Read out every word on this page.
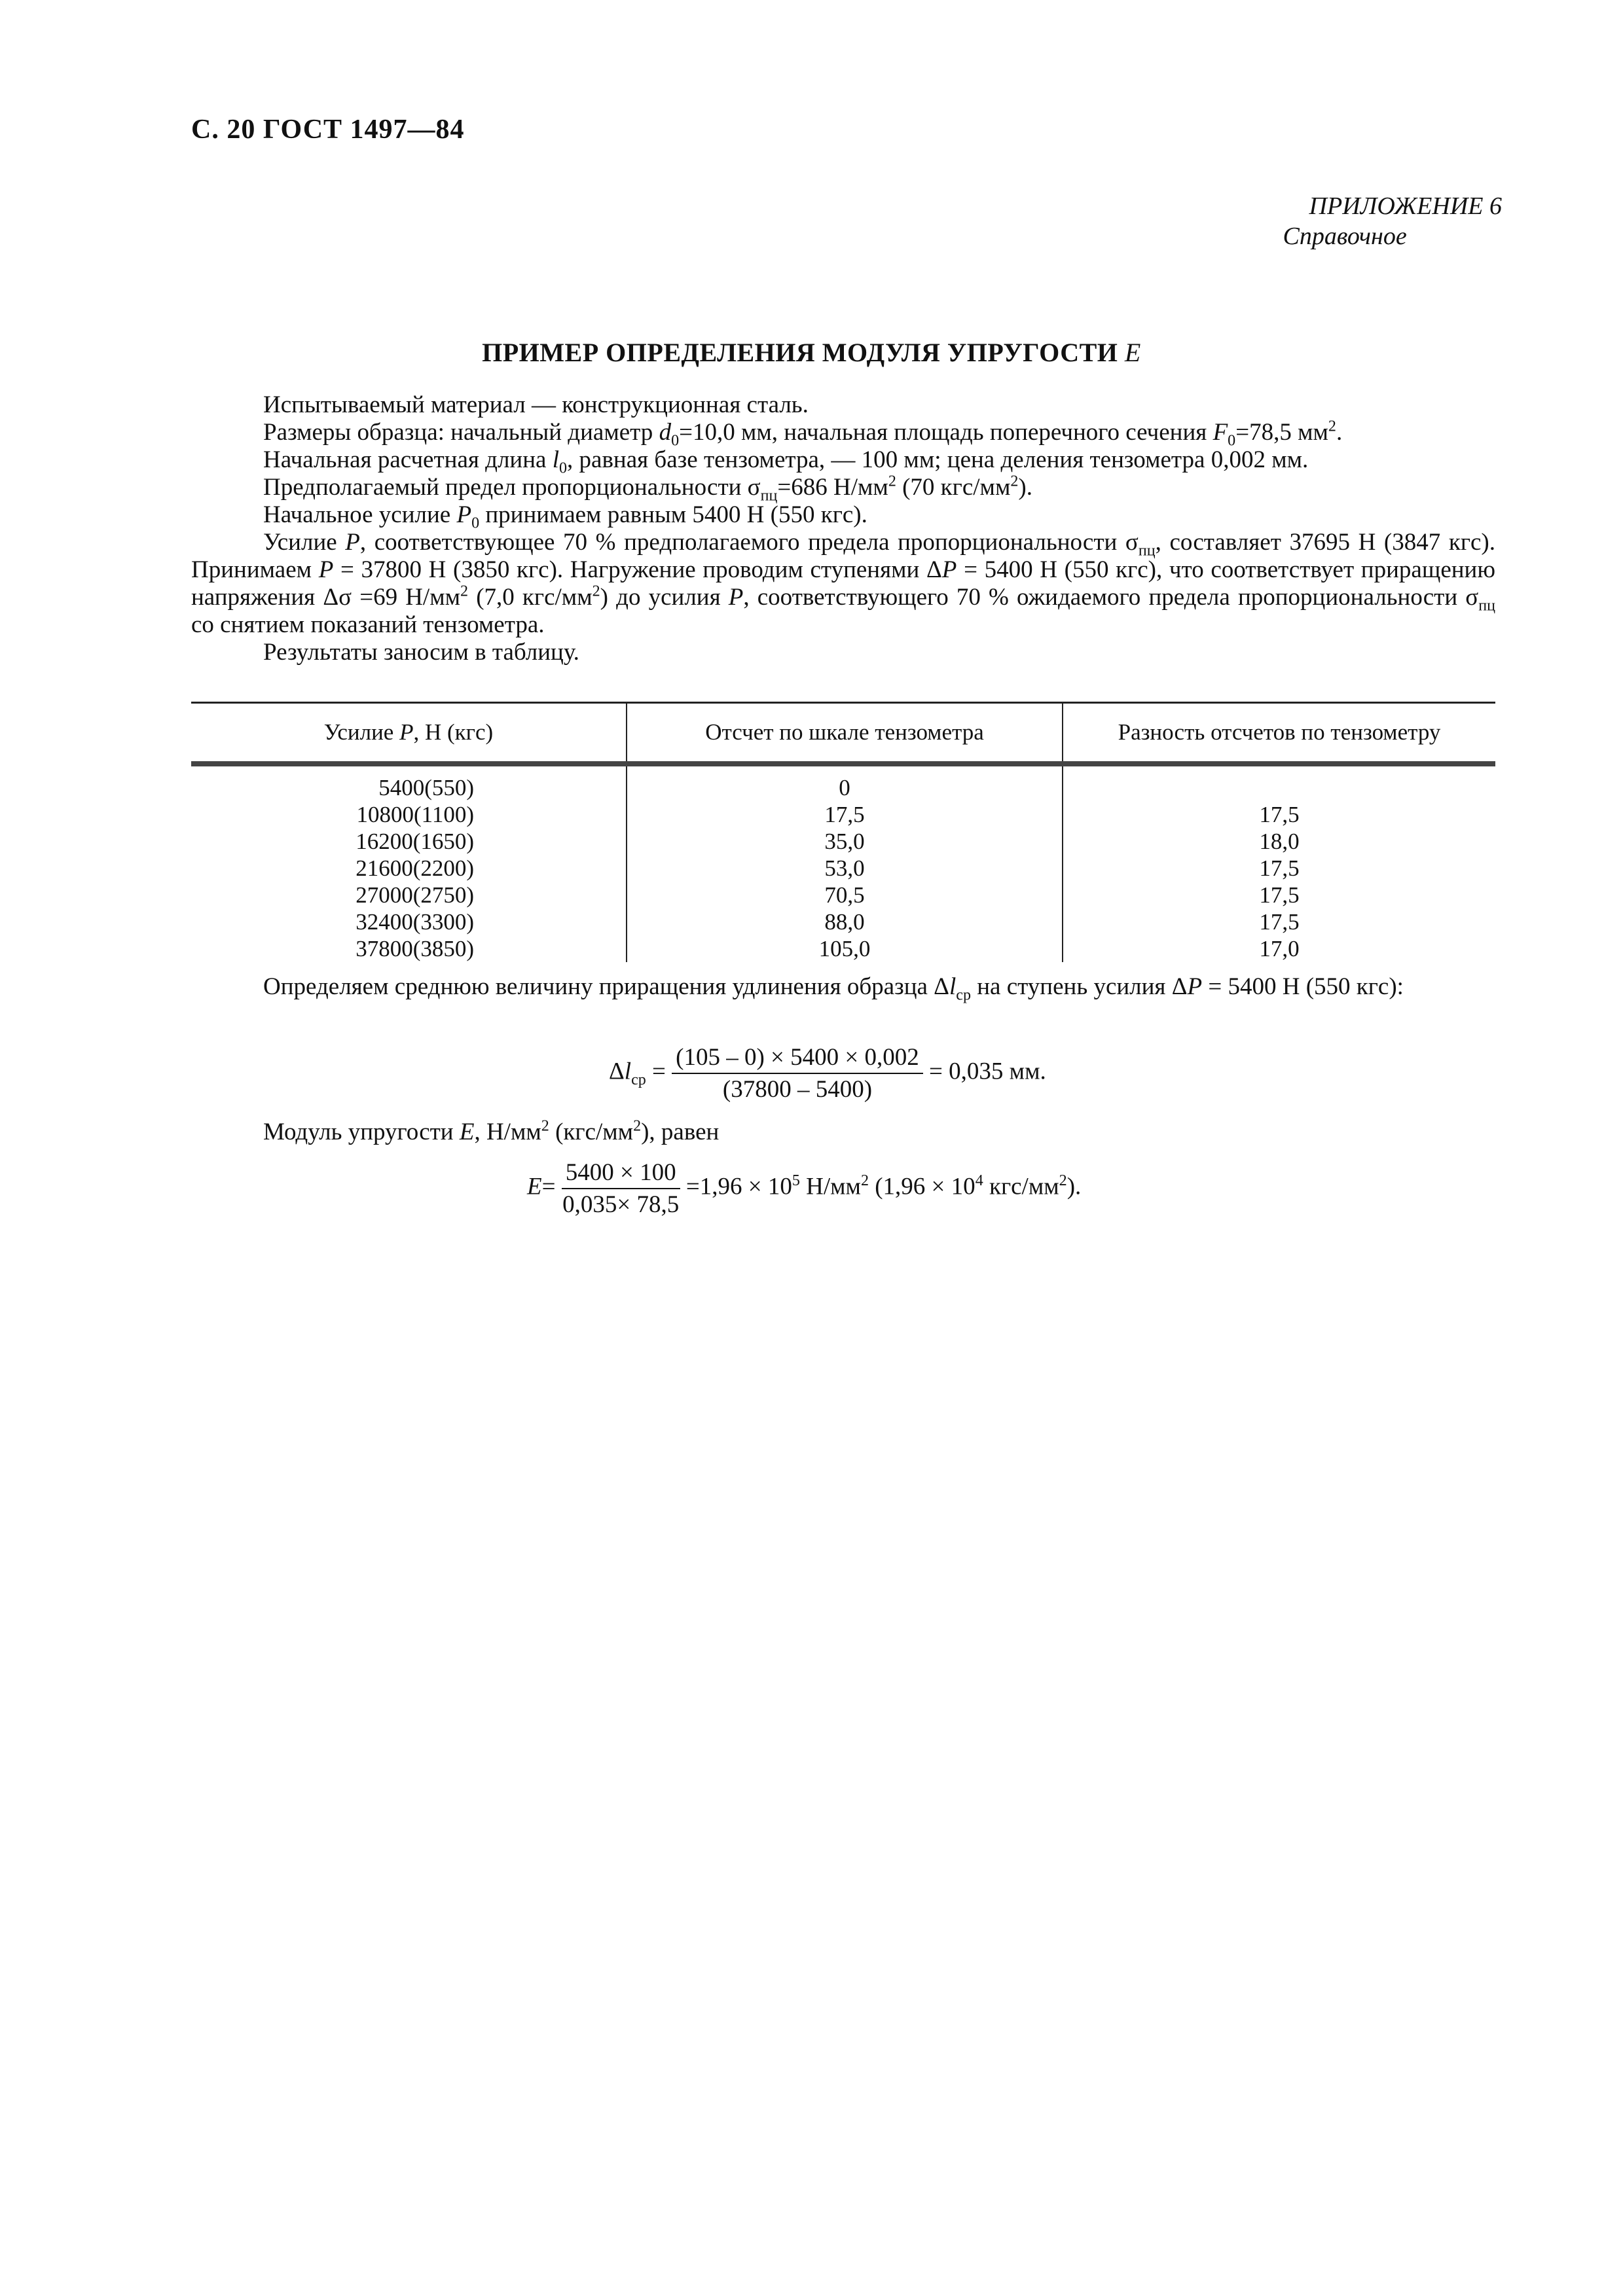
С. 20 ГОСТ 1497—84
ПРИЛОЖЕНИЕ 6
Справочное
ПРИМЕР ОПРЕДЕЛЕНИЯ МОДУЛЯ УПРУГОСТИ E

Испытываемый материал — конструкционная сталь.

Размеры образца: начальный диаметр $d_0=10,0$ мм, начальная площадь поперечного сечения $F_0=78,5$ $мм^2$.

Начальная расчетная длина $l_0$, равная базе тензометра, — 100 мм; цена деления тензометра 0,002 мм.

Предполагаемый предел пропорциональности $\sigma_{пц}=686$ $Н/мм^2$ (70 кгс/$мм^2$).

Начальное усилие $P_0$ принимаем равным 5400 Н (550 кгс).

Усилие P, соответствующее 70 % предполагаемого предела пропорциональности $\sigma_{пц}$, составляет 37695 Н (3847 кгс). Принимаем P = 37800 Н (3850 кгс). Нагружение проводим ступенями ΔP = 5400 Н (550 кгс), что соответствует приращению напряжения Δσ =69 $Н/мм^2$ (7,0 кгс/$мм^2$) до усилия P, соответствующего 70 % ожидаемого предела пропорциональности $\sigma_{пц}$ со снятием показаний тензометра.

Результаты заносим в таблицу.

Усилие P, Н (кгс)	Отсчет по шкале тензометра	Разность отсчетов по тензометру
5400(550)	0	
10800(1100)	17,5	17,5
16200(1650)	35,0	18,0
21600(2200)	53,0	17,5
27000(2750)	70,5	17,5
32400(3300)	88,0	17,5
37800(3850)	105,0	17,0

Определяем среднюю величину приращения удлинения образца $\Delta l_{ср}$ на ступень усилия ΔP = 5400 Н (550 кгс):

$\Delta l_{ср} = \frac{(105 - 0) \times 5400 \times 0,002}{(37800 - 5400)} = 0,035$ мм.
Модуль упругости E, $Н/мм^2$ $(кгс/мм^2)$, равен
$E= \frac{5400 \times 100}{0,035\times 78,5} =1,96 \times 10^5$ $Н/мм^2$ ($1,96 \times 10^4$ кгс/$мм^2$).
